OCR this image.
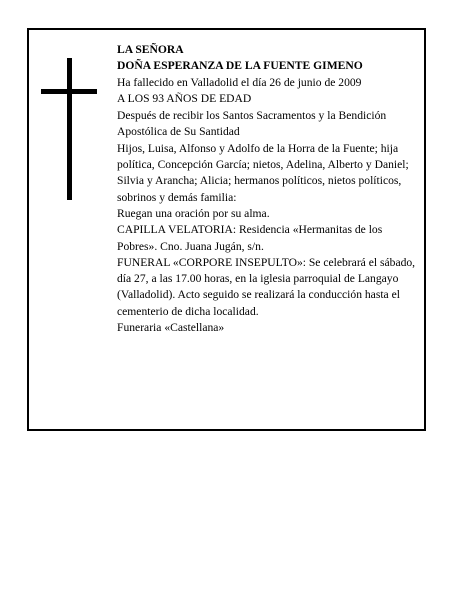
LA SEÑORA

DOÑA ESPERANZA DE LA FUENTE GIMENO

Ha fallecido en Valladolid el día 26 de junio de 2009

A LOS 93 AÑOS DE EDAD

Después de recibir los Santos Sacramentos y la Bendición Apostólica de Su Santidad

Hijos, Luisa, Alfonso y Adolfo de la Horra de la Fuente; hija política, Concepción García; nietos, Adelina, Alberto y Daniel; Silvia y Arancha; Alicia; hermanos políticos, nietos políticos, sobrinos y demás familia:

Ruegan una oración por su alma.

CAPILLA VELATORIA: Residencia «Hermanitas de los Pobres». Cno. Juana Jugán, s/n.

FUNERAL «CORPORE INSEPULTO»: Se celebrará el sábado, día 27, a las 17.00 horas, en la iglesia parroquial de Langayo (Valladolid). Acto seguido se realizará la conducción hasta el cementerio de dicha localidad.

Funeraria «Castellana»
